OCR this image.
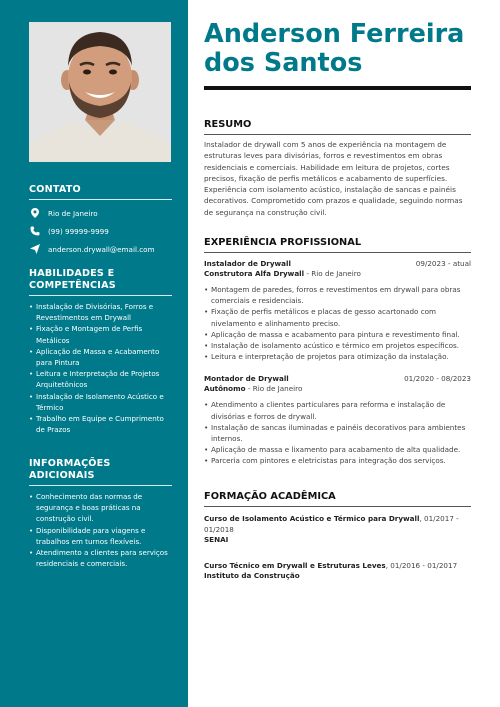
CONTATO
Rio de Janeiro
(99) 99999-9999
anderson.drywall@email.com
HABILIDADES E
COMPETÊNCIAS
• Instalação de Divisórias, Forros e Revestimentos em Drywall
• Fixação e Montagem de Perfis Metálicos
• Aplicação de Massa e Acabamento para Pintura
• Leitura e Interpretação de Projetos Arquitetônicos
• Instalação de Isolamento Acústico e Térmico
• Trabalho em Equipe e Cumprimento de Prazos
INFORMAÇÕES ADICIONAIS
• Conhecimento das normas de segurança e boas práticas na construção civil.
• Disponibilidade para viagens e trabalhos em turnos flexíveis.
• Atendimento a clientes para serviços residenciais e comerciais.
Anderson Ferreira
dos Santos
RESUMO
Instalador de drywall com 5 anos de experiência na montagem de estruturas leves para divisórias, forros e revestimentos em obras residenciais e comerciais. Habilidade em leitura de projetos, cortes precisos, fixação de perfis metálicos e acabamento de superfícies. Experiência com isolamento acústico, instalação de sancas e painéis decorativos. Comprometido com prazos e qualidade, seguindo normas de segurança na construção civil.
EXPERIÊNCIA PROFISSIONAL
Instalador de Drywall	09/2023 - atual
Construtora Alfa Drywall - Rio de Janeiro
• Montagem de paredes, forros e revestimentos em drywall para obras comerciais e residenciais.
• Fixação de perfis metálicos e placas de gesso acartonado com nivelamento e alinhamento preciso.
• Aplicação de massa e acabamento para pintura e revestimento final.
• Instalação de isolamento acústico e térmico em projetos específicos.
• Leitura e interpretação de projetos para otimização da instalação.
Montador de Drywall	01/2020 - 08/2023
Autônomo - Rio de Janeiro
• Atendimento a clientes particulares para reforma e instalação de divisórias e forros de drywall.
• Instalação de sancas iluminadas e painéis decorativos para ambientes internos.
• Aplicação de massa e lixamento para acabamento de alta qualidade.
• Parceria com pintores e eletricistas para integração dos serviços.
FORMAÇÃO ACADÊMICA
Curso de Isolamento Acústico e Térmico para Drywall, 01/2017 - 01/2018
SENAI
Curso Técnico em Drywall e Estruturas Leves, 01/2016 - 01/2017
Instituto da Construção
